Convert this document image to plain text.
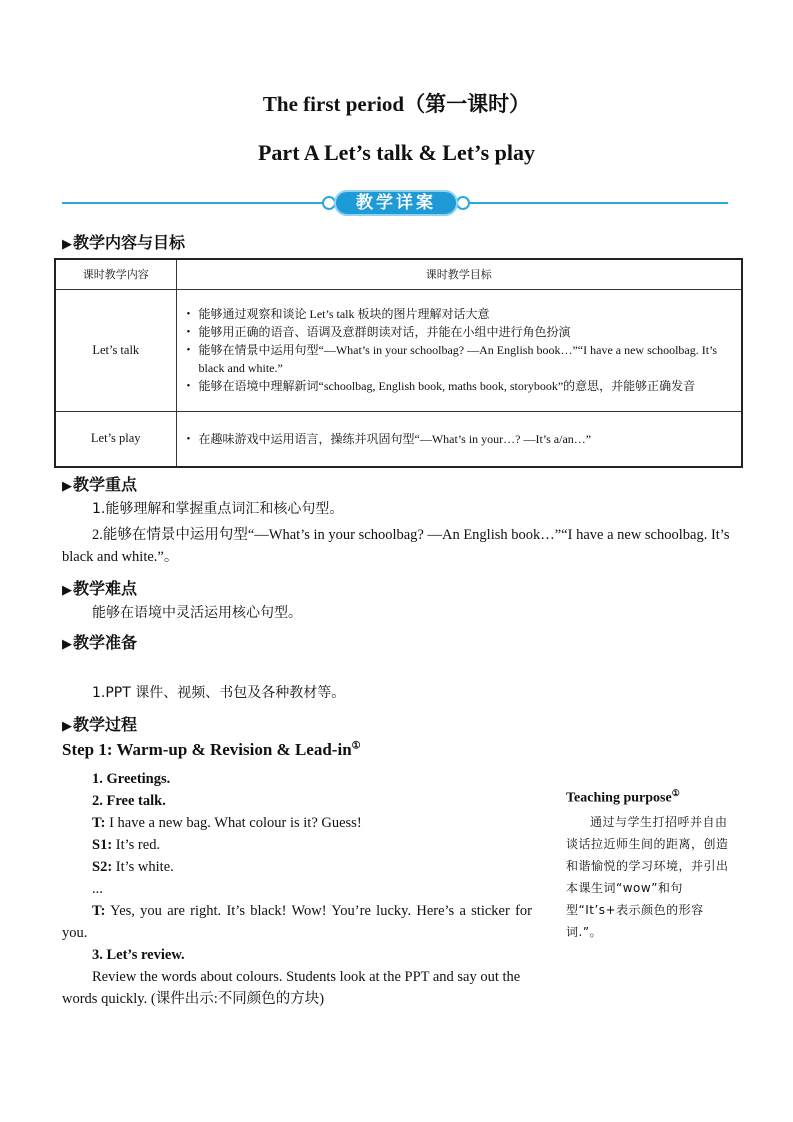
The first period（第一课时）
Part A Let’s talk & Let’s play
教学详案
▶教学内容与目标
课时教学内容	课时教学目标
Let’s talk	• 能够通过观察和谈论 Let’s talk 板块的图片理解对话大意
• 能够用正确的语音、语调及意群朗读对话，并能在小组中进行角色扮演
• 能够在情景中运用句型“—What’s in your schoolbag? —An English book…”“I have a new schoolbag. It’s black and white.”
• 能够在语境中理解新词“schoolbag, English book, maths book, storybook”的意思，并能够正确发音

Let’s play	• 在趣味游戏中运用语言，操练并巩固句型“—What’s in your…? —It’s a/an…”
▶教学重点
1.能够理解和掌握重点词汇和核心句型。
2.能够在情景中运用句型“—What’s in your schoolbag? —An English book…”“I have a new schoolbag. It’s black and white.”。
▶教学难点
能够在语境中灵活运用核心句型。
▶教学准备
1.PPT 课件、视频、书包及各种教材等。
▶教学过程
Step 1: Warm-up & Revision & Lead-in①
1. Greetings.
2. Free talk.
T: I have a new bag. What colour is it? Guess!
S1: It’s red.
S2: It’s white.
...
T: Yes, you are right. It’s black! Wow! You’re lucky. Here’s a sticker for you.
3. Let’s review.
Review the words about colours. Students look at the PPT and say out the words quickly. (课件出示:不同颜色的方块)
Teaching purpose①
通过与学生打招呼并自由谈话拉近师生间的距离，创造和谐愉悦的学习环境，并引出本课生词“wow”和句型“It’s+表示颜色的形容词.”。
